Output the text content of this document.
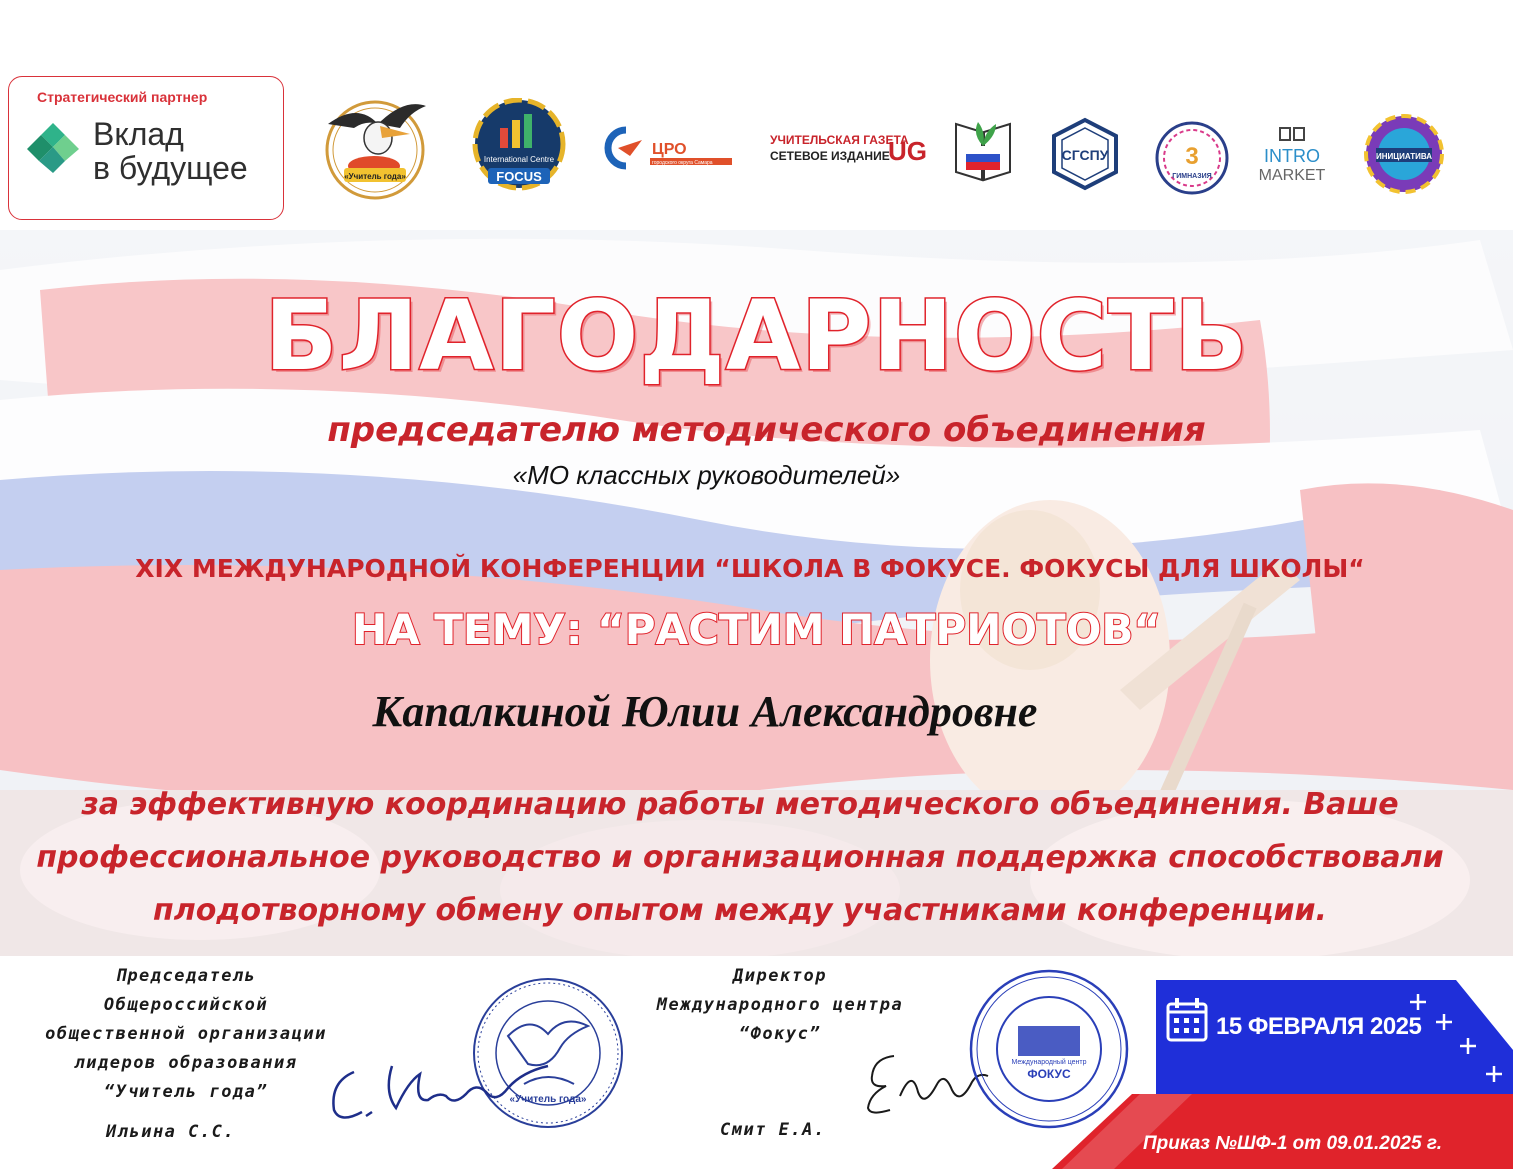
Стратегический партнер
Вклад
в будущее	«Учитель года»
International Centre
FOCUS
ЦРО
городского округа Самара
УЧИТЕЛЬСКАЯ ГАЗЕТА
СЕТЕВОЕ ИЗДАНИЕ
UG	СГСПУ	3
ГИМНАЗИЯ
INTRO
MARKET
ИНИЦИАТИВА
БЛАГОДАРНОСТЬ
председателю методического объединения
«МО классных руководителей»
XIX МЕЖДУНАРОДНОЙ КОНФЕРЕНЦИИ “ШКОЛА В ФОКУСЕ. ФОКУСЫ ДЛЯ ШКОЛЫ“
НА ТЕМУ: “РАСТИМ ПАТРИОТОВ“
Капалкиной Юлии Александровне
за эффективную координацию работы методического объединения. Ваше
профессиональное руководство и организационная поддержка способствовали
плодотворному обмену опытом между участниками конференции.
Председатель
Общероссийской
общественной организации
лидеров образования
“Учитель года”
Ильина С.С.
«Учитель года»
Директор
Международного центра
“Фокус”
Смит Е.А.
Международный центр
ФОКУС
15 ФЕВРАЛЯ 2025
Приказ №ШФ-1 от 09.01.2025 г.
